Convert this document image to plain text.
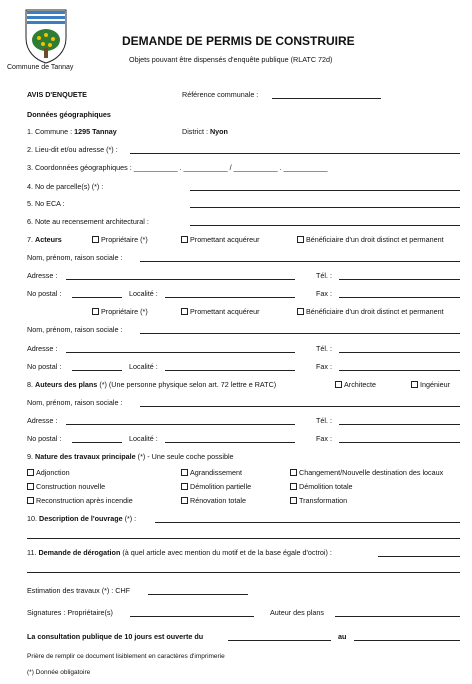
Commune de Tannay
DEMANDE DE PERMIS DE CONSTRUIRE
Objets pouvant être dispensés d'enquête publique (RLATC 72d)
AVIS D'ENQUETE	Référence communale :
Données géographiques
1. Commune : 1295 Tannay	District : Nyon
2. Lieu-dit et/ou adresse (*) :
3. Coordonnées géographiques : ___________ . ___________ / ___________ . ___________
4. No de parcelle(s) (*) :
5. No ECA :
6. Note au recensement architectural :
7. Acteurs	Propriétaire (*)	Promettant acquéreur	Bénéficiaire d'un droit distinct et permanent
Nom, prénom, raison sociale :
Adresse :	Tél. :
No postal :	Localité :	Fax :
Propriétaire (*)	Promettant acquéreur	Bénéficiaire d'un droit distinct et permanent
Nom, prénom, raison sociale :
Adresse :	Tél. :
No postal :	Localité :	Fax :
8. Auteurs des plans (*) (Une personne physique selon art. 72 lettre e RATC)	Architecte	Ingénieur
Nom, prénom, raison sociale :
Adresse :	Tél. :
No postal :	Localité :	Fax :
9. Nature des travaux principale (*) - Une seule coche possible
Adjonction	Agrandissement	Changement/Nouvelle destination des locaux
Construction nouvelle	Démolition partielle	Démolition totale
Reconstruction après incendie	Rénovation totale	Transformation
10. Description de l'ouvrage (*) :
11. Demande de dérogation (à quel article avec mention du motif et de la base égale d'octroi) :
Estimation des travaux (*) : CHF
Signatures : Propriétaire(s)	Auteur des plans
La consultation publique de 10 jours est ouverte du	au
Prière de remplir ce document lisiblement en caractères d'imprimerie
(*) Donnée obligatoire
